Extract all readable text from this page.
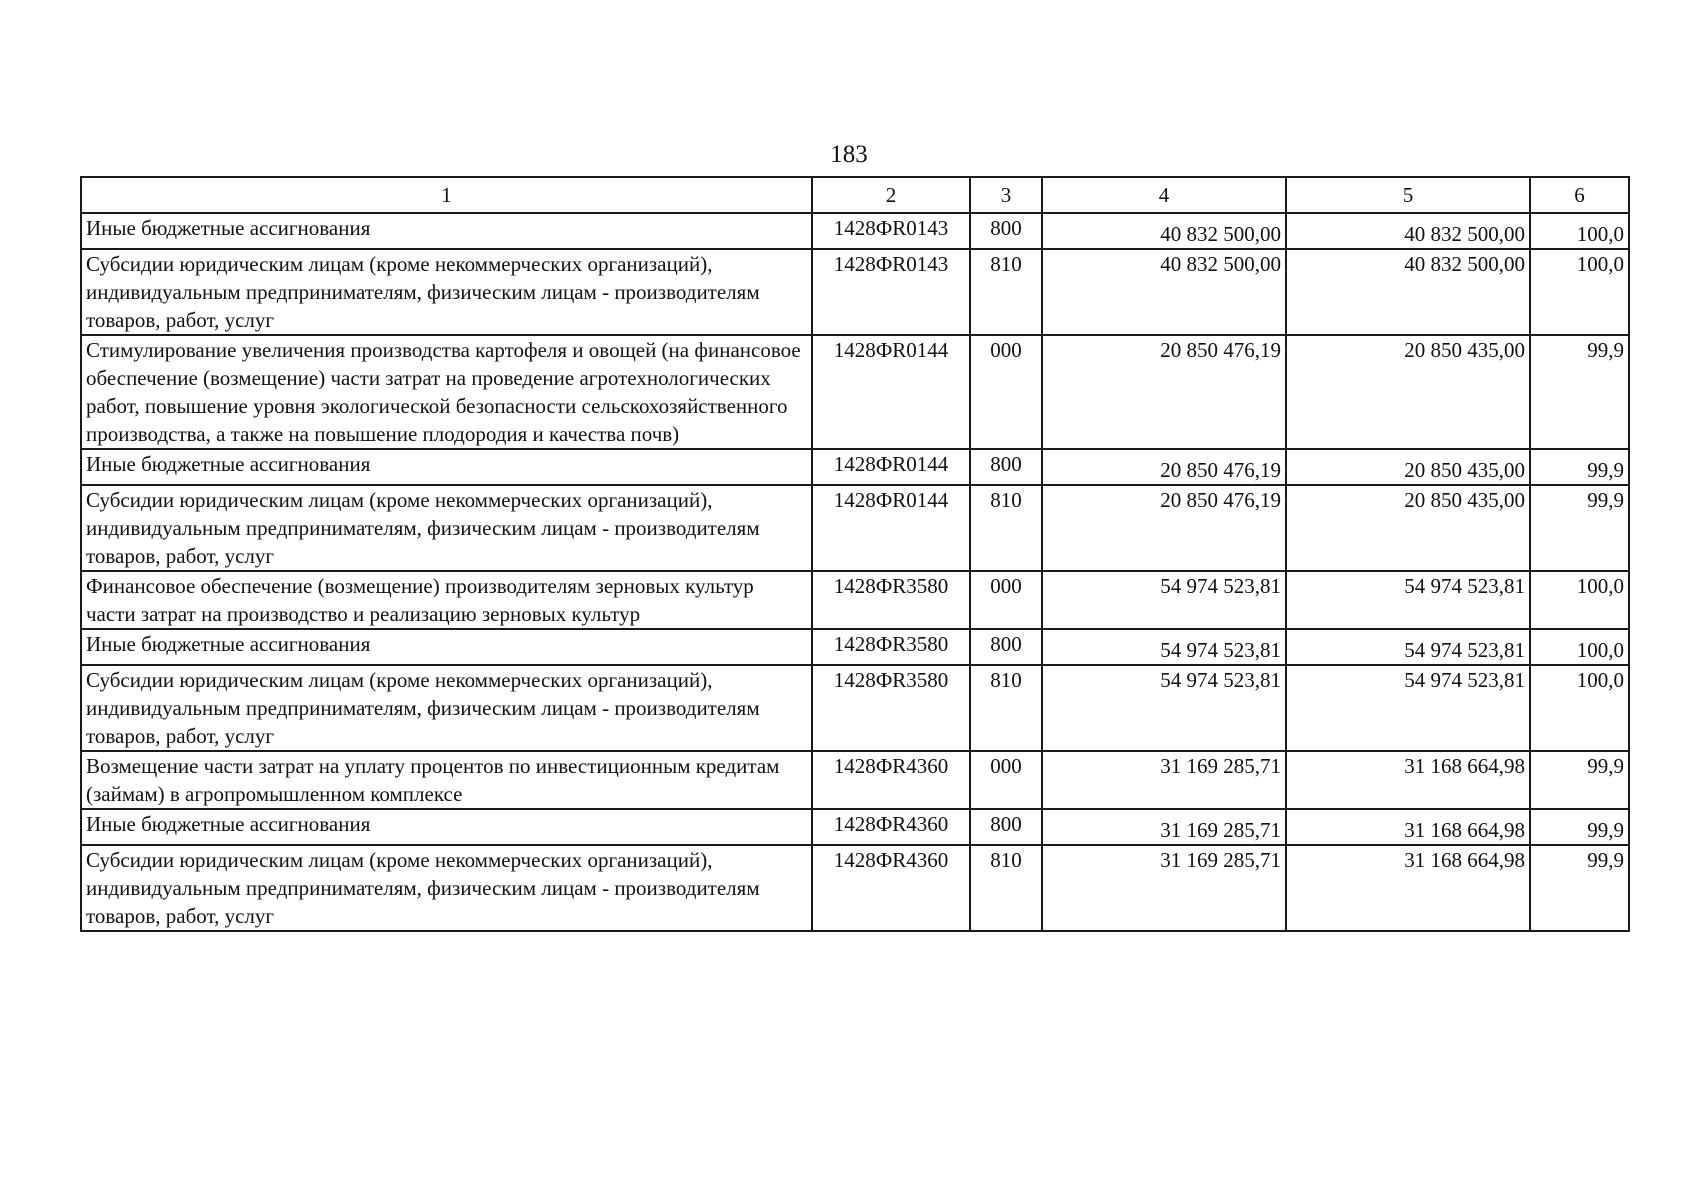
183
1	2	3	4	5	6
Иные бюджетные ассигнования	1428ФR0143	800	40 832 500,00	40 832 500,00	100,0
Субсидии юридическим лицам (кроме некоммерческих организаций), индивидуальным предпринимателям, физическим лицам - производителям товаров, работ, услуг	1428ФR0143	810	40 832 500,00	40 832 500,00	100,0
Стимулирование увеличения производства картофеля и овощей (на финансовое обеспечение (возмещение) части затрат на проведение агротехнологических работ, повышение уровня экологической безопасности сельскохозяйственного производства, а также на повышение плодородия и качества почв)	1428ФR0144	000	20 850 476,19	20 850 435,00	99,9
Иные бюджетные ассигнования	1428ФR0144	800	20 850 476,19	20 850 435,00	99,9
Субсидии юридическим лицам (кроме некоммерческих организаций), индивидуальным предпринимателям, физическим лицам - производителям товаров, работ, услуг	1428ФR0144	810	20 850 476,19	20 850 435,00	99,9
Финансовое обеспечение (возмещение) производителям зерновых культур части затрат на производство и реализацию зерновых культур	1428ФR3580	000	54 974 523,81	54 974 523,81	100,0
Иные бюджетные ассигнования	1428ФR3580	800	54 974 523,81	54 974 523,81	100,0
Субсидии юридическим лицам (кроме некоммерческих организаций), индивидуальным предпринимателям, физическим лицам - производителям товаров, работ, услуг	1428ФR3580	810	54 974 523,81	54 974 523,81	100,0
Возмещение части затрат на уплату процентов по инвестиционным кредитам (займам) в агропромышленном комплексе	1428ФR4360	000	31 169 285,71	31 168 664,98	99,9
Иные бюджетные ассигнования	1428ФR4360	800	31 169 285,71	31 168 664,98	99,9
Субсидии юридическим лицам (кроме некоммерческих организаций), индивидуальным предпринимателям, физическим лицам - производителям товаров, работ, услуг	1428ФR4360	810	31 169 285,71	31 168 664,98	99,9
